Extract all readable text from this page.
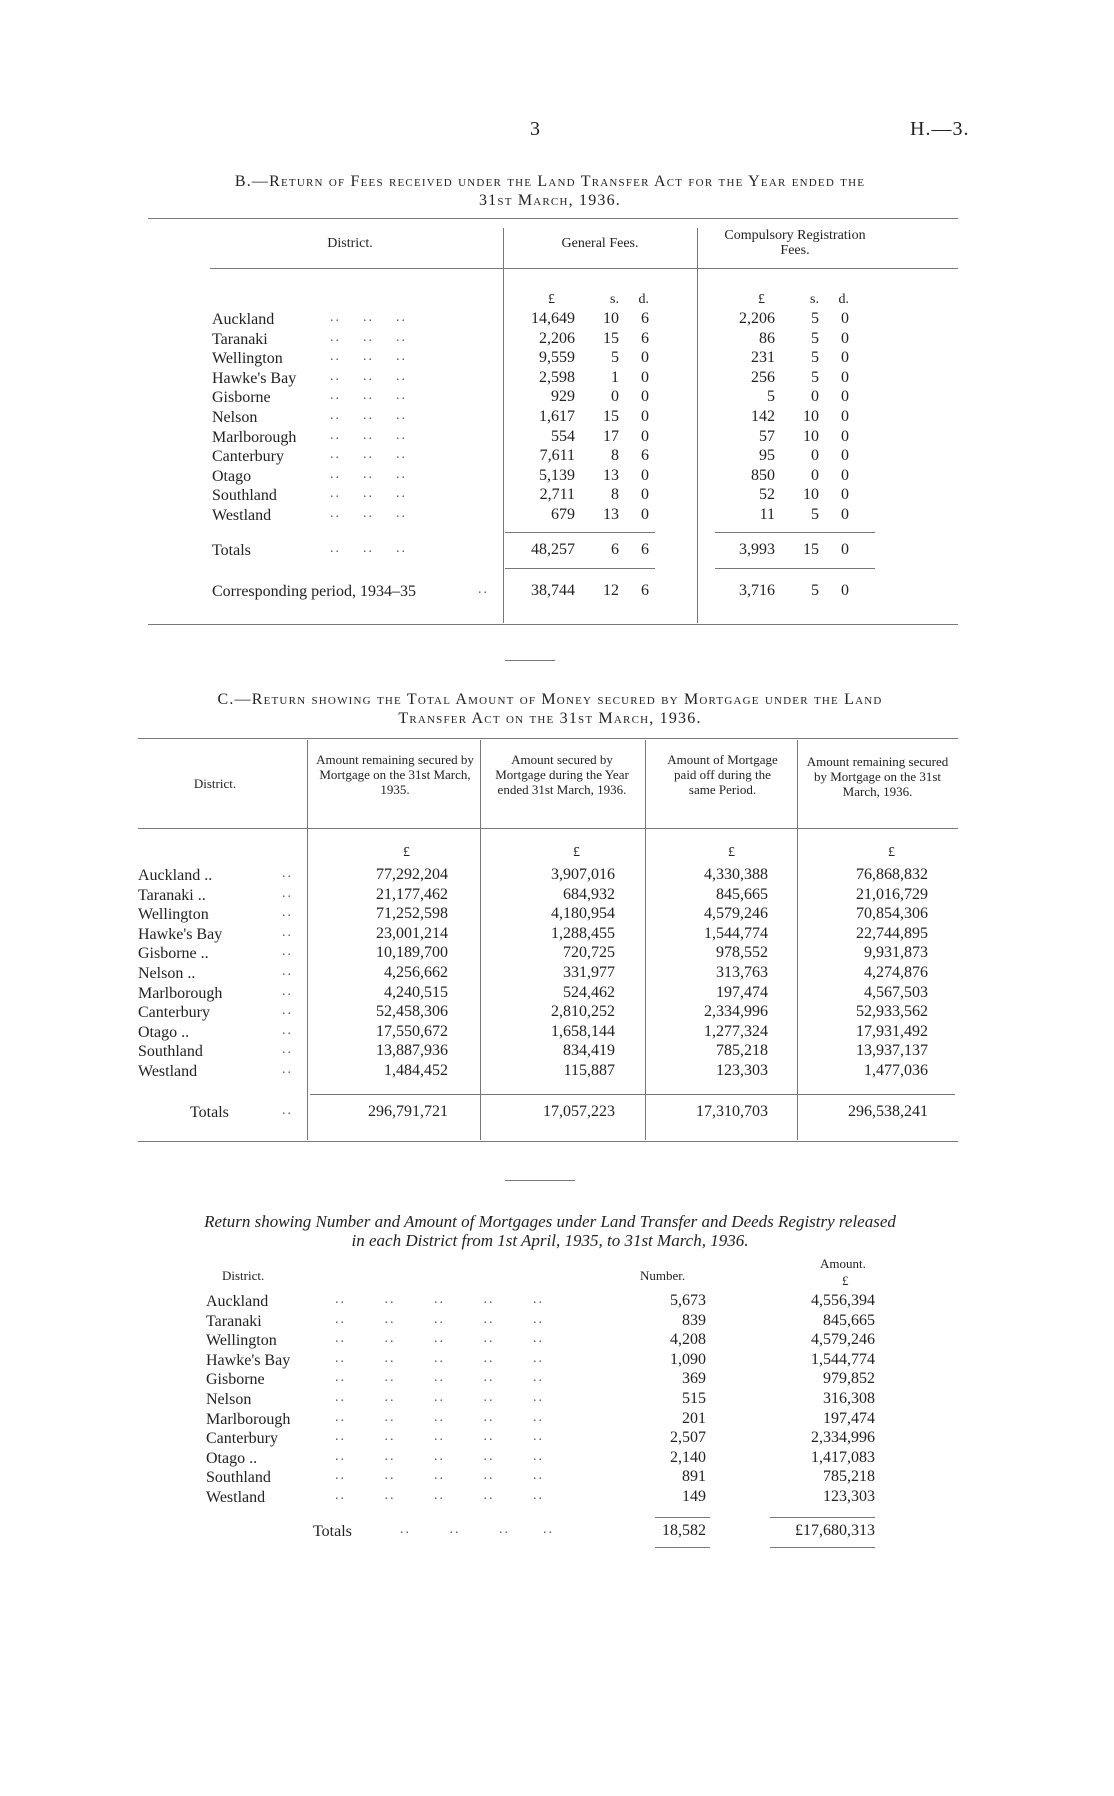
3	H.—3.
B.—Return of Fees received under the Land Transfer Act for the Year ended the
31st March, 1936.
District.	General Fees.
Compulsory Registration Fees.
£	s.	d.	£	s.	d.
Auckland	..    ..    ..	14,649	10	6	2,206	5	0
Taranaki	..    ..    ..	2,206	15	6	86	5	0
Wellington	..    ..    ..	9,559	5	0	231	5	0
Hawke's Bay ..    ..    ..	2,598	1	0	256	5	0
Gisborne	..    ..    ..	929	0	0	5	0	0
Nelson	..    ..    ..	1,617	15	0	142	10	0
Marlborough ..    ..    ..	554	17	0	57	10	0
Canterbury	..    ..    ..	7,611	8	6	95	0	0
Otago	..    ..    ..	5,139	13	0	850	0	0
Southland	..    ..    ..	2,711	8	0	52	10	0
Westland	..    ..    ..	679	13	0	11	5	0
Totals	..    ..    ..	48,257	6	6	3,993	15	0
Corresponding period, 1934–35	..	38,744	12	6	3,716	5	0
C.—Return showing the Total Amount of Money secured by Mortgage under the Land
Transfer Act on the 31st March, 1936.
District.
Amount remaining secured by Mortgage on the 31st March, 1935.
Amount secured by Mortgage during the Year ended 31st March, 1936.
Amount of Mortgage paid off during the same Period.
Amount remaining secured by Mortgage on the 31st March, 1936.
£	£	£	£
Auckland ..	..	77,292,204	3,907,016	4,330,388	76,868,832
Taranaki ..	..	21,177,462	684,932	845,665	21,016,729
Wellington	..	71,252,598	4,180,954	4,579,246	70,854,306
Hawke's Bay	..	23,001,214	1,288,455	1,544,774	22,744,895
Gisborne ..	..	10,189,700	720,725	978,552	9,931,873
Nelson ..	..	4,256,662	331,977	313,763	4,274,876
Marlborough	..	4,240,515	524,462	197,474	4,567,503
Canterbury	..	52,458,306	2,810,252	2,334,996	52,933,562
Otago ..	..	17,550,672	1,658,144	1,277,324	17,931,492
Southland	..	13,887,936	834,419	785,218	13,937,137
Westland	..	1,484,452	115,887	123,303	1,477,036
Totals	..	296,791,721	17,057,223	17,310,703	296,538,241
Return showing Number and Amount of Mortgages under Land Transfer and Deeds Registry released
in each District from 1st April, 1935, to 31st March, 1936.
District.	Number.
Amount.
£
Auckland	..       ..       ..       ..       ..	5,673	4,556,394
Taranaki	..       ..       ..       ..       ..	839	845,665
Wellington	..       ..       ..       ..       ..	4,208	4,579,246
Hawke's Bay	..       ..       ..       ..       ..	1,090	1,544,774
Gisborne	..       ..       ..       ..       ..	369	979,852
Nelson	..       ..       ..       ..       ..	515	316,308
Marlborough	..       ..       ..       ..       ..	201	197,474
Canterbury	..       ..       ..       ..       ..	2,507	2,334,996
Otago ..	..       ..       ..       ..       ..	2,140	1,417,083
Southland	..       ..       ..       ..       ..	891	785,218
Westland	..       ..       ..       ..       ..	149	123,303
Totals	..       ..       ..      ..	18,582	£17,680,313
